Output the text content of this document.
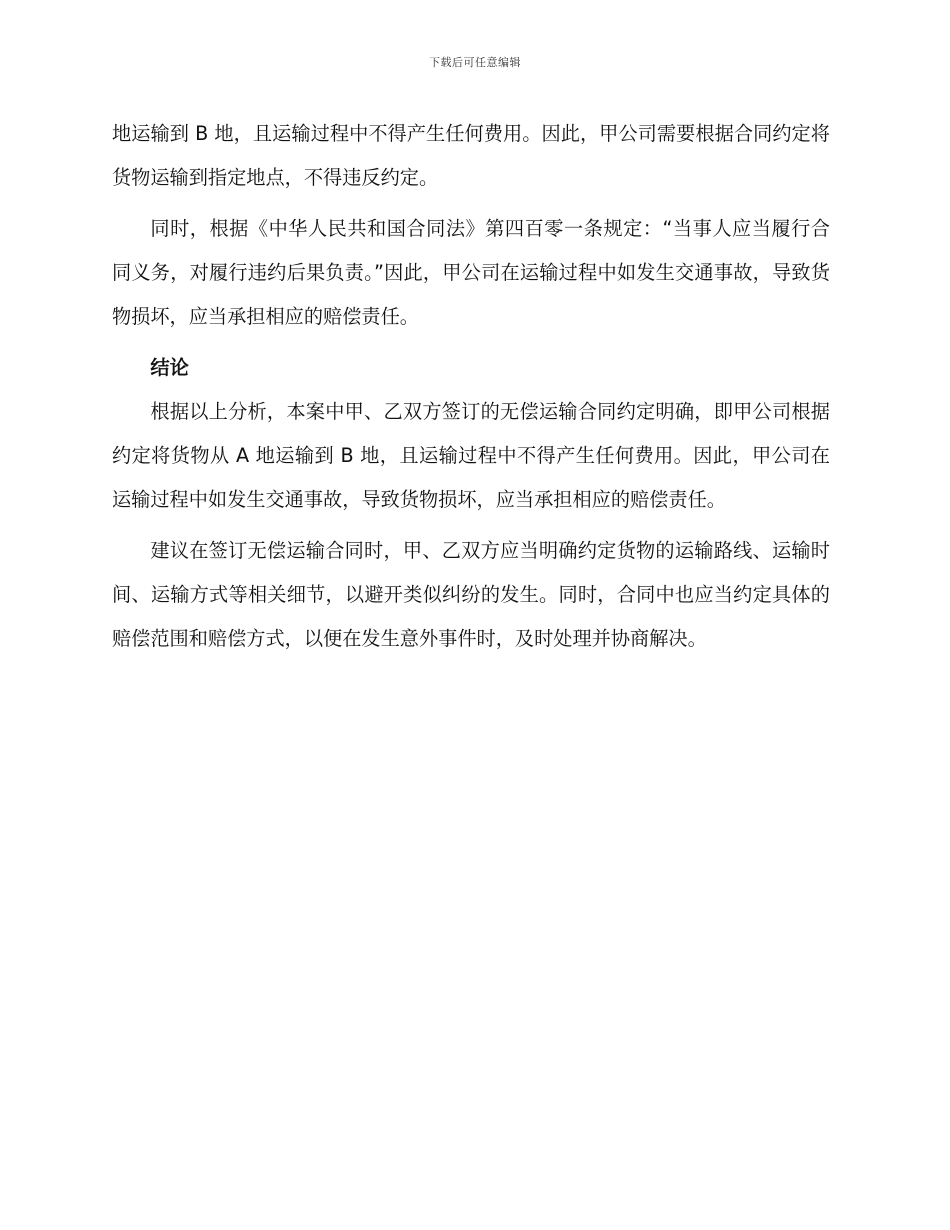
下载后可任意编辑

地运输到 B 地，且运输过程中不得产生任何费用。因此，甲公司需要根据合同约定将货物运输到指定地点，不得违反约定。

同时，根据《中华人民共和国合同法》第四百零一条规定：“当事人应当履行合同义务，对履行违约后果负责。”因此，甲公司在运输过程中如发生交通事故，导致货物损坏，应当承担相应的赔偿责任。

结论

根据以上分析，本案中甲、乙双方签订的无偿运输合同约定明确，即甲公司根据约定将货物从 A 地运输到 B 地，且运输过程中不得产生任何费用。因此，甲公司在运输过程中如发生交通事故，导致货物损坏，应当承担相应的赔偿责任。

建议在签订无偿运输合同时，甲、乙双方应当明确约定货物的运输路线、运输时间、运输方式等相关细节，以避开类似纠纷的发生。同时，合同中也应当约定具体的赔偿范围和赔偿方式，以便在发生意外事件时，及时处理并协商解决。
